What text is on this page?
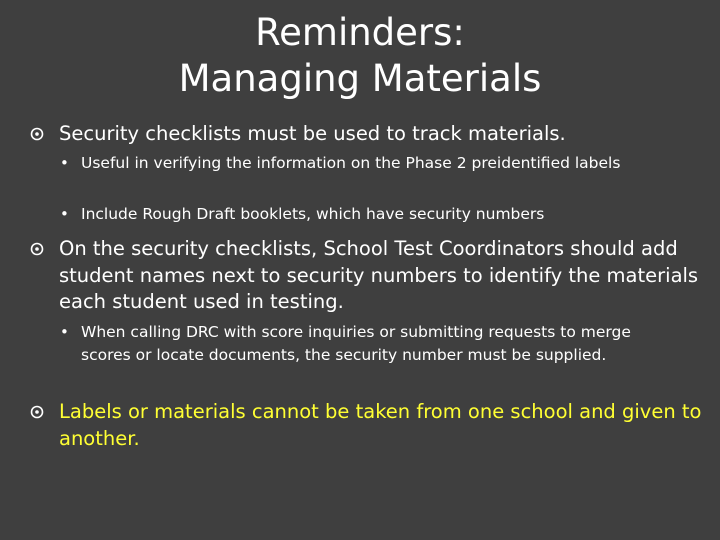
Reminders:
Managing Materials
Security checklists must be used to track materials.
• Useful in verifying the information on the Phase 2 preidentified labels
• Include Rough Draft booklets, which have security numbers
On the security checklists, School Test Coordinators should add student names next to security numbers to identify the materials each student used in testing.
• When calling DRC with score inquiries or submitting requests to merge scores or locate documents, the security number must be supplied.
Labels or materials cannot be taken from one school and given to another.
